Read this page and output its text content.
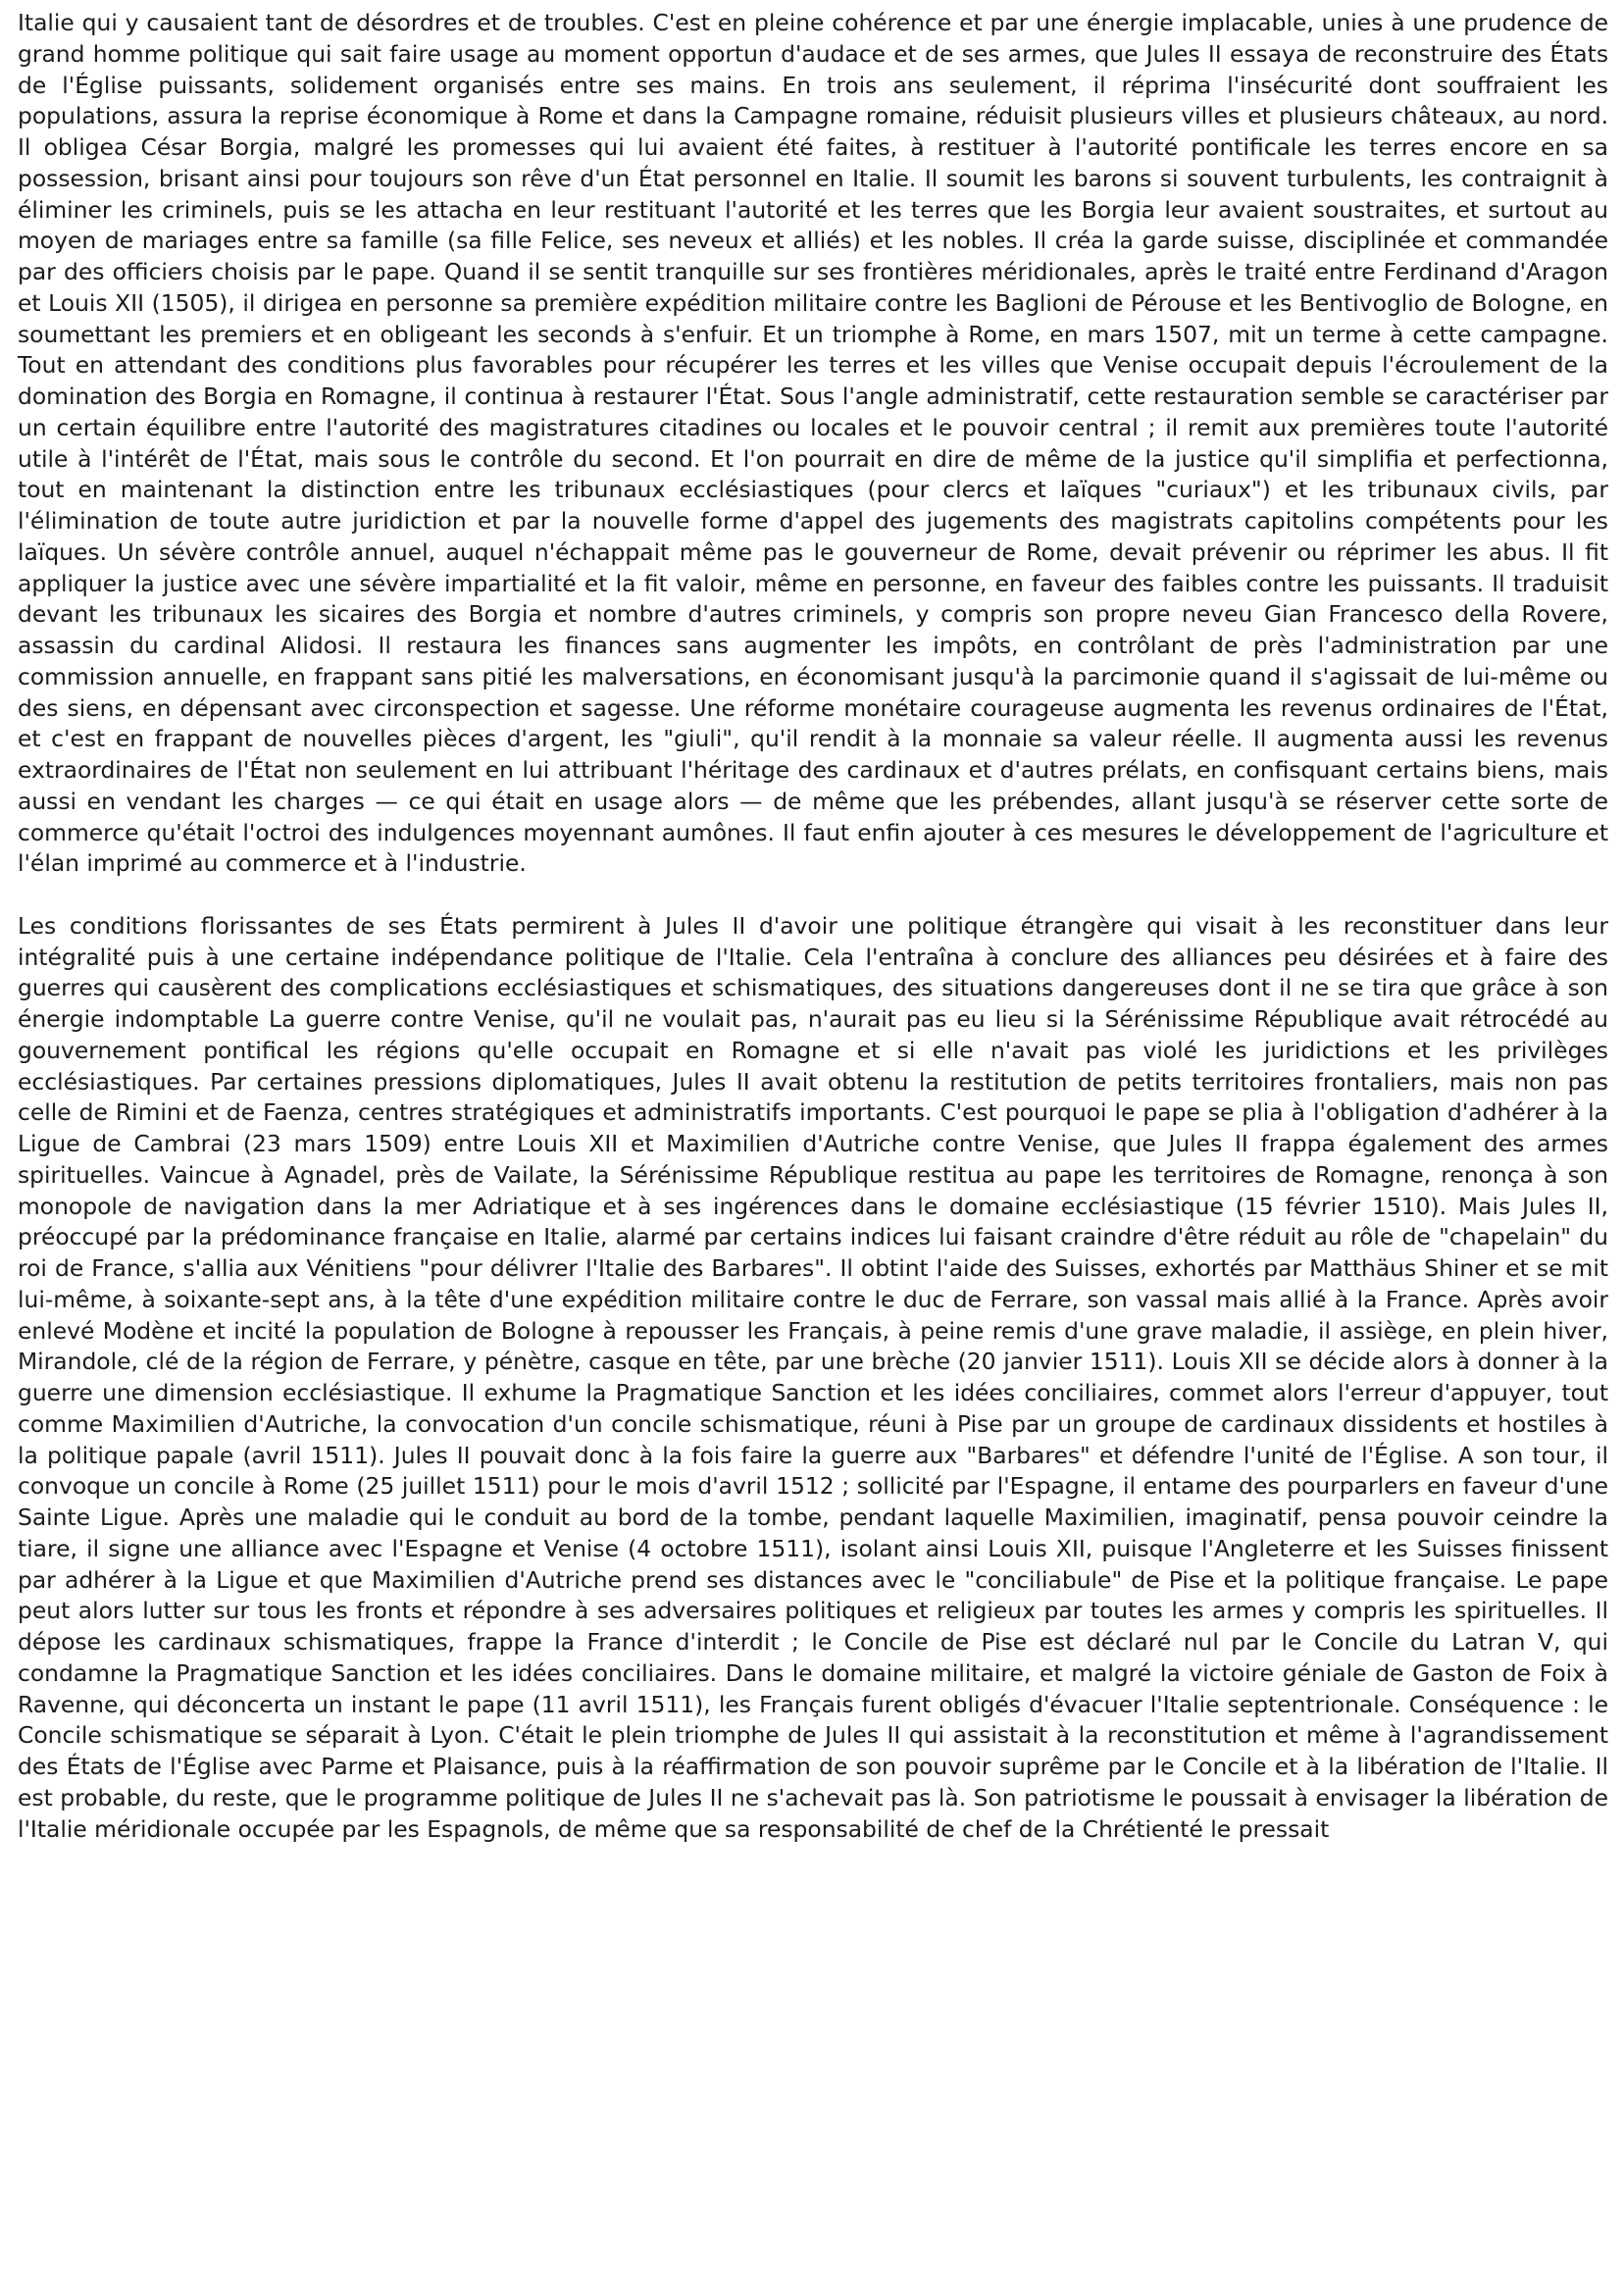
Italie qui y causaient tant de désordres et de troubles. C'est en pleine cohérence et par une énergie implacable, unies à une prudence de grand homme politique qui sait faire usage au moment opportun d'audace et de ses armes, que Jules II essaya de reconstruire des États de l'Église puissants, solidement organisés entre ses mains. En trois ans seulement, il réprima l'insécurité dont souffraient les populations, assura la reprise économique à Rome et dans la Campagne romaine, réduisit plusieurs villes et plusieurs châteaux, au nord. Il obligea César Borgia, malgré les promesses qui lui avaient été faites, à restituer à l'autorité pontificale les terres encore en sa possession, brisant ainsi pour toujours son rêve d'un État personnel en Italie. Il soumit les barons si souvent turbulents, les contraignit à éliminer les criminels, puis se les attacha en leur restituant l'autorité et les terres que les Borgia leur avaient soustraites, et surtout au moyen de mariages entre sa famille (sa fille Felice, ses neveux et alliés) et les nobles. Il créa la garde suisse, disciplinée et commandée par des officiers choisis par le pape. Quand il se sentit tranquille sur ses frontières méridionales, après le traité entre Ferdinand d'Aragon et Louis XII (1505), il dirigea en personne sa première expédition militaire contre les Baglioni de Pérouse et les Bentivoglio de Bologne, en soumettant les premiers et en obligeant les seconds à s'enfuir. Et un triomphe à Rome, en mars 1507, mit un terme à cette campagne. Tout en attendant des conditions plus favorables pour récupérer les terres et les villes que Venise occupait depuis l'écroulement de la domination des Borgia en Romagne, il continua à restaurer l'État. Sous l'angle administratif, cette restauration semble se caractériser par un certain équilibre entre l'autorité des magistratures citadines ou locales et le pouvoir central ; il remit aux premières toute l'autorité utile à l'intérêt de l'État, mais sous le contrôle du second. Et l'on pourrait en dire de même de la justice qu'il simplifia et perfectionna, tout en maintenant la distinction entre les tribunaux ecclésiastiques (pour clercs et laïques "curiaux") et les tribunaux civils, par l'élimination de toute autre juridiction et par la nouvelle forme d'appel des jugements des magistrats capitolins compétents pour les laïques. Un sévère contrôle annuel, auquel n'échappait même pas le gouverneur de Rome, devait prévenir ou réprimer les abus. Il fit appliquer la justice avec une sévère impartialité et la fit valoir, même en personne, en faveur des faibles contre les puissants. Il traduisit devant les tribunaux les sicaires des Borgia et nombre d'autres criminels, y compris son propre neveu Gian Francesco della Rovere, assassin du cardinal Alidosi. Il restaura les finances sans augmenter les impôts, en contrôlant de près l'administration par une commission annuelle, en frappant sans pitié les malversations, en économisant jusqu'à la parcimonie quand il s'agissait de lui-même ou des siens, en dépensant avec circonspection et sagesse. Une réforme monétaire courageuse augmenta les revenus ordinaires de l'État, et c'est en frappant de nouvelles pièces d'argent, les "giuli", qu'il rendit à la monnaie sa valeur réelle. Il augmenta aussi les revenus extraordinaires de l'État non seulement en lui attribuant l'héritage des cardinaux et d'autres prélats, en confisquant certains biens, mais aussi en vendant les charges — ce qui était en usage alors — de même que les prébendes, allant jusqu'à se réserver cette sorte de commerce qu'était l'octroi des indulgences moyennant aumônes. Il faut enfin ajouter à ces mesures le développement de l'agriculture et l'élan imprimé au commerce et à l'industrie.

Les conditions florissantes de ses États permirent à Jules II d'avoir une politique étrangère qui visait à les reconstituer dans leur intégralité puis à une certaine indépendance politique de l'Italie. Cela l'entraîna à conclure des alliances peu désirées et à faire des guerres qui causèrent des complications ecclésiastiques et schismatiques, des situations dangereuses dont il ne se tira que grâce à son énergie indomptable La guerre contre Venise, qu'il ne voulait pas, n'aurait pas eu lieu si la Sérénissime République avait rétrocédé au gouvernement pontifical les régions qu'elle occupait en Romagne et si elle n'avait pas violé les juridictions et les privilèges ecclésiastiques. Par certaines pressions diplomatiques, Jules II avait obtenu la restitution de petits territoires frontaliers, mais non pas celle de Rimini et de Faenza, centres stratégiques et administratifs importants. C'est pourquoi le pape se plia à l'obligation d'adhérer à la Ligue de Cambrai (23 mars 1509) entre Louis XII et Maximilien d'Autriche contre Venise, que Jules II frappa également des armes spirituelles. Vaincue à Agnadel, près de Vailate, la Sérénissime République restitua au pape les territoires de Romagne, renonça à son monopole de navigation dans la mer Adriatique et à ses ingérences dans le domaine ecclésiastique (15 février 1510). Mais Jules II, préoccupé par la prédominance française en Italie, alarmé par certains indices lui faisant craindre d'être réduit au rôle de "chapelain" du roi de France, s'allia aux Vénitiens "pour délivrer l'Italie des Barbares". Il obtint l'aide des Suisses, exhortés par Matthäus Shiner et se mit lui-même, à soixante-sept ans, à la tête d'une expédition militaire contre le duc de Ferrare, son vassal mais allié à la France. Après avoir enlevé Modène et incité la population de Bologne à repousser les Français, à peine remis d'une grave maladie, il assiège, en plein hiver, Mirandole, clé de la région de Ferrare, y pénètre, casque en tête, par une brèche (20 janvier 1511). Louis XII se décide alors à donner à la guerre une dimension ecclésiastique. Il exhume la Pragmatique Sanction et les idées conciliaires, commet alors l'erreur d'appuyer, tout comme Maximilien d'Autriche, la convocation d'un concile schismatique, réuni à Pise par un groupe de cardinaux dissidents et hostiles à la politique papale (avril 1511). Jules II pouvait donc à la fois faire la guerre aux "Barbares" et défendre l'unité de l'Église. A son tour, il convoque un concile à Rome (25 juillet 1511) pour le mois d'avril 1512 ; sollicité par l'Espagne, il entame des pourparlers en faveur d'une Sainte Ligue. Après une maladie qui le conduit au bord de la tombe, pendant laquelle Maximilien, imaginatif, pensa pouvoir ceindre la tiare, il signe une alliance avec l'Espagne et Venise (4 octobre 1511), isolant ainsi Louis XII, puisque l'Angleterre et les Suisses finissent par adhérer à la Ligue et que Maximilien d'Autriche prend ses distances avec le "conciliabule" de Pise et la politique française. Le pape peut alors lutter sur tous les fronts et répondre à ses adversaires politiques et religieux par toutes les armes y compris les spirituelles. Il dépose les cardinaux schismatiques, frappe la France d'interdit ; le Concile de Pise est déclaré nul par le Concile du Latran V, qui condamne la Pragmatique Sanction et les idées conciliaires. Dans le domaine militaire, et malgré la victoire géniale de Gaston de Foix à Ravenne, qui déconcerta un instant le pape (11 avril 1511), les Français furent obligés d'évacuer l'Italie septentrionale. Conséquence : le Concile schismatique se séparait à Lyon. C'était le plein triomphe de Jules II qui assistait à la reconstitution et même à l'agrandissement des États de l'Église avec Parme et Plaisance, puis à la réaffirmation de son pouvoir suprême par le Concile et à la libération de l'Italie. Il est probable, du reste, que le programme politique de Jules II ne s'achevait pas là. Son patriotisme le poussait à envisager la libération de l'Italie méridionale occupée par les Espagnols, de même que sa responsabilité de chef de la Chrétienté le pressait
